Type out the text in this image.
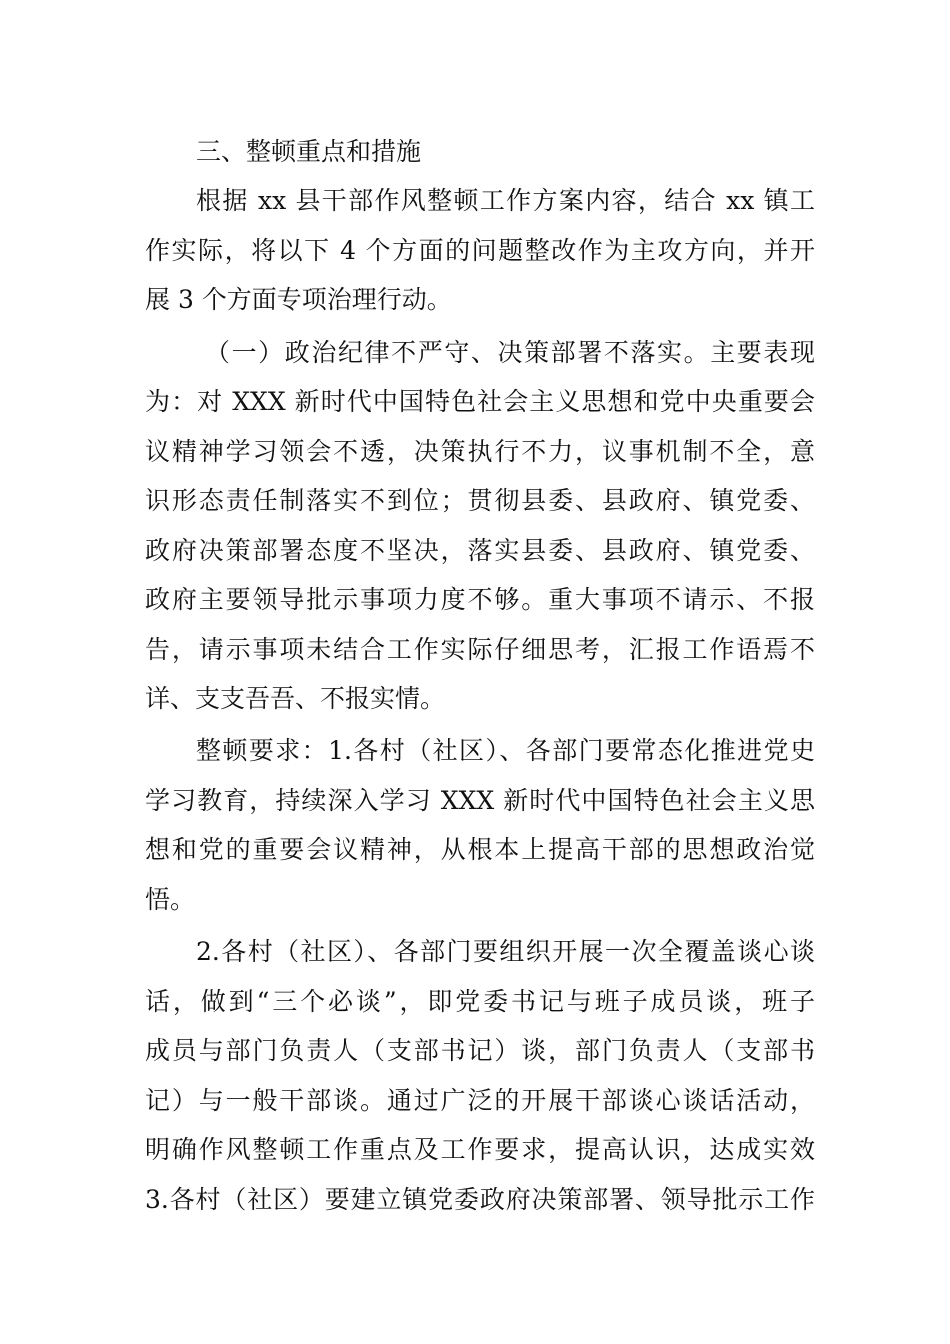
三、整顿重点和措施
根据 xx 县干部作风整顿工作方案内容，结合 xx 镇工
作实际，将以下 4 个方面的问题整改作为主攻方向，并开
展 3 个方面专项治理行动。
（一）政治纪律不严守、决策部署不落实。主要表现
为：对 XXX 新时代中国特色社会主义思想和党中央重要会
议精神学习领会不透，决策执行不力，议事机制不全，意
识形态责任制落实不到位；贯彻县委、县政府、镇党委、
政府决策部署态度不坚决，落实县委、县政府、镇党委、
政府主要领导批示事项力度不够。重大事项不请示、不报
告，请示事项未结合工作实际仔细思考，汇报工作语焉不
详、支支吾吾、不报实情。
整顿要求：1.各村（社区）、各部门要常态化推进党史
学习教育，持续深入学习 XXX 新时代中国特色社会主义思
想和党的重要会议精神，从根本上提高干部的思想政治觉
悟。
2.各村（社区）、各部门要组织开展一次全覆盖谈心谈
话，做到“三个必谈”，即党委书记与班子成员谈，班子
成员与部门负责人（支部书记）谈，部门负责人（支部书
记）与一般干部谈。通过广泛的开展干部谈心谈话活动，
明确作风整顿工作重点及工作要求，提高认识，达成实效
3.各村（社区）要建立镇党委政府决策部署、领导批示工作
